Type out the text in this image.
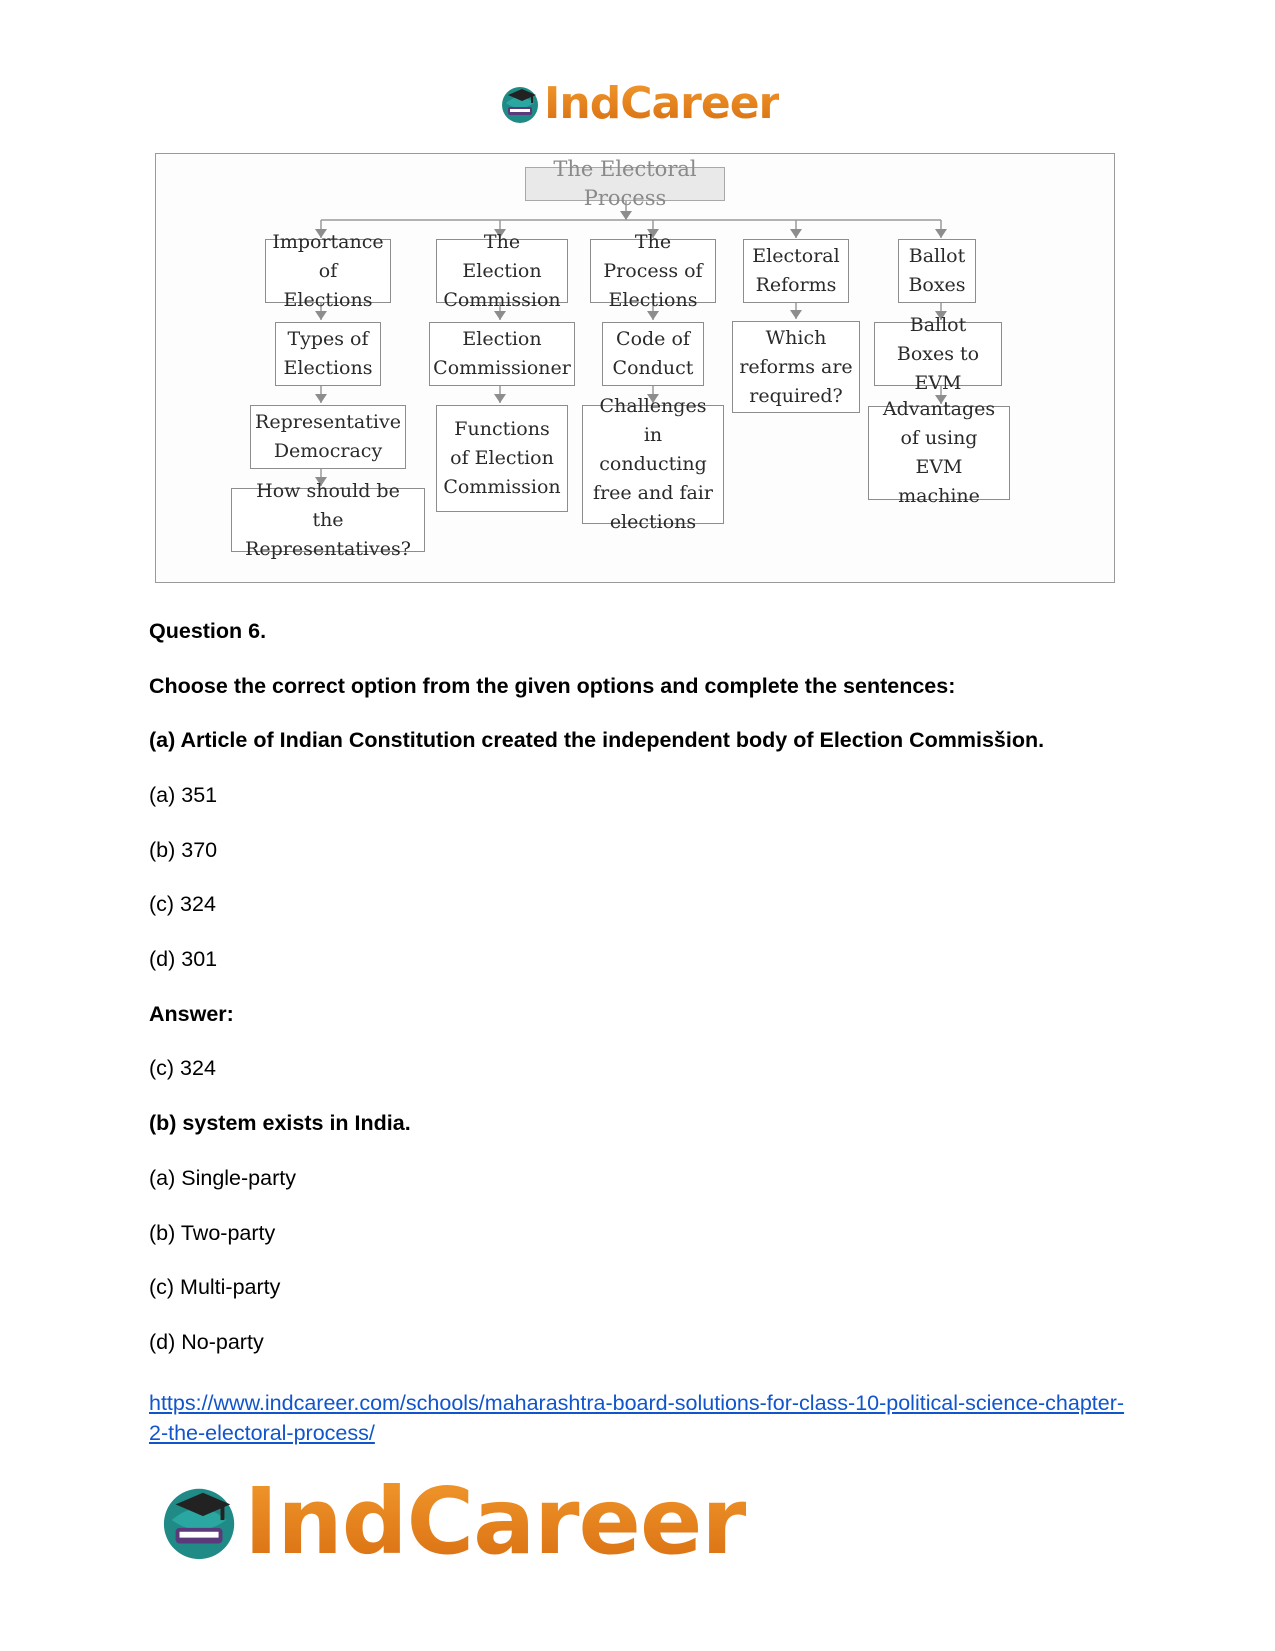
IndCareer
The Electoral Process
Importance of Elections
Types of Elections
Representative Democracy
How should be the Representatives?
The Election Commission
Election Commissioner
Functions of Election Commission
The Process of Elections
Code of Conduct
Challenges in conducting free and fair elections
Electoral Reforms
Which reforms are required?
Ballot Boxes
Ballot Boxes to EVM
Advantages of using EVM machine
Question 6.
Choose the correct option from the given options and complete the sentences:
(a) Article of Indian Constitution created the independent body of Election Commisšion.
(a) 351
(b) 370
(c) 324
(d) 301
Answer:
(c) 324
(b) system exists in India.
(a) Single-party
(b) Two-party
(c) Multi-party
(d) No-party
https://www.indcareer.com/schools/maharashtra-board-solutions-for-class-10-political-science-chapter-2-the-electoral-process/
IndCareer
